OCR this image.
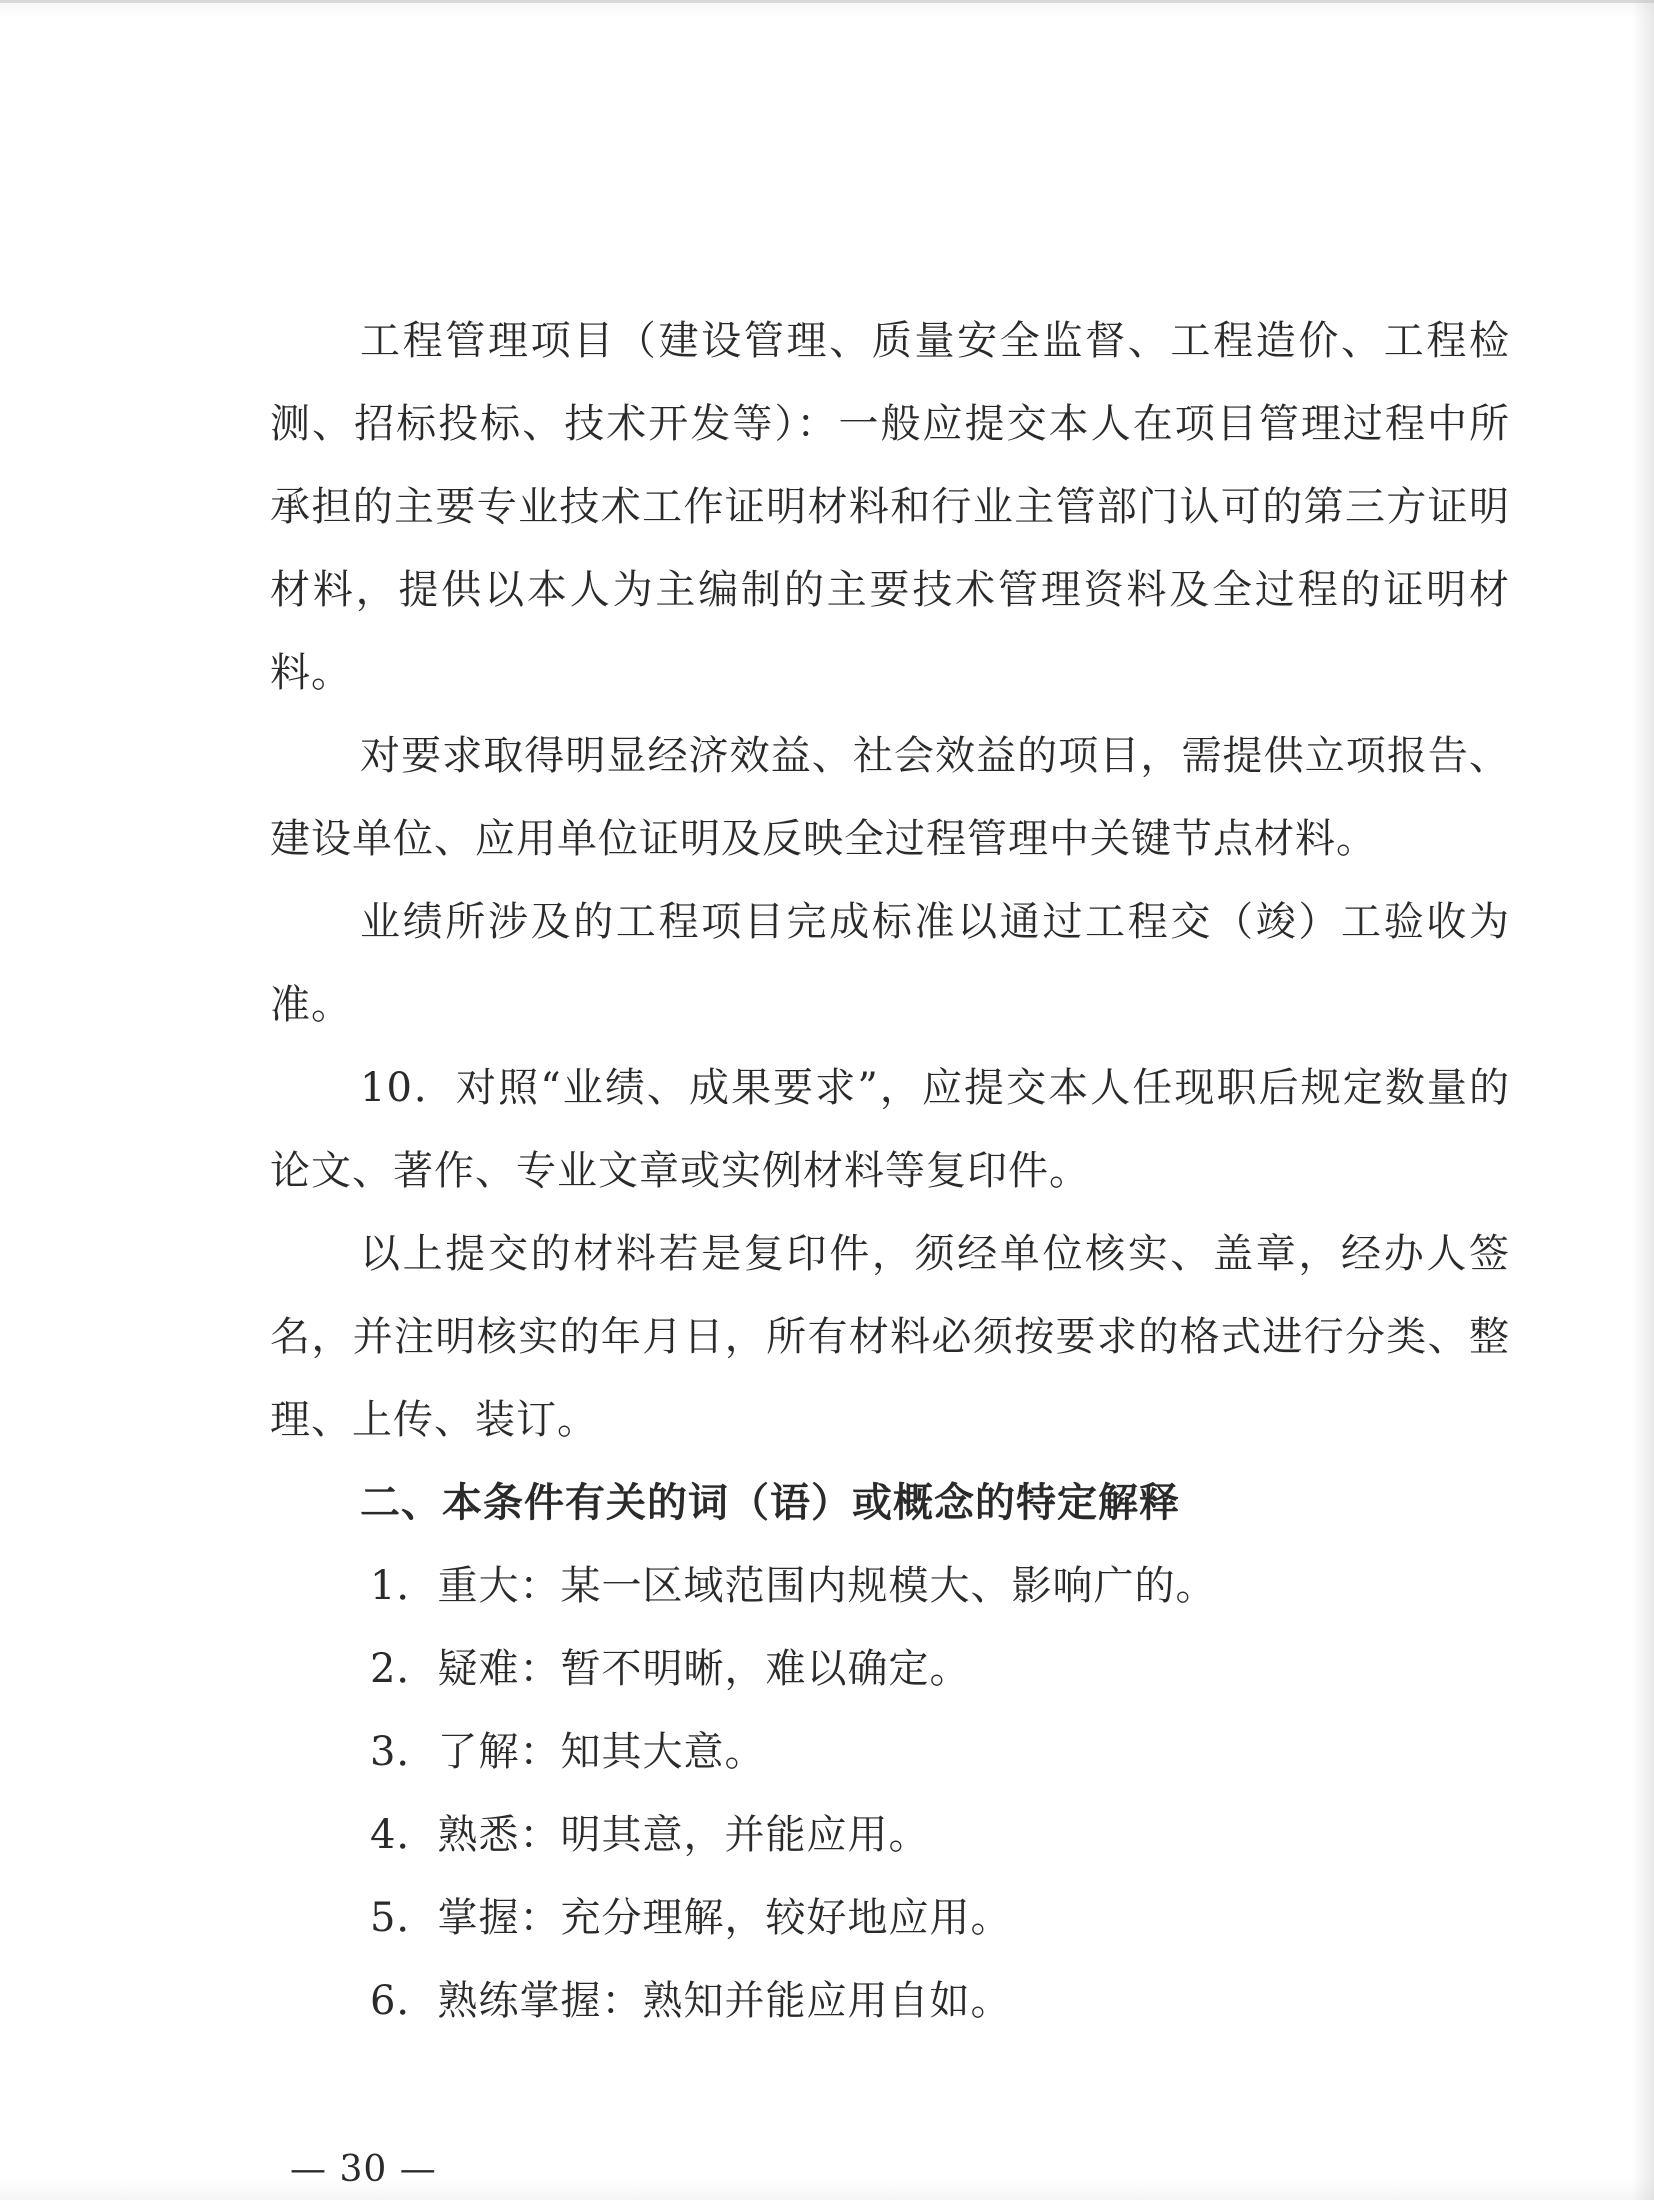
工程管理项目（建设管理、质量安全监督、工程造价、工程检测、招标投标、技术开发等）：一般应提交本人在项目管理过程中所承担的主要专业技术工作证明材料和行业主管部门认可的第三方证明材料，提供以本人为主编制的主要技术管理资料及全过程的证明材料。

对要求取得明显经济效益、社会效益的项目，需提供立项报告、建设单位、应用单位证明及反映全过程管理中关键节点材料。

业绩所涉及的工程项目完成标准以通过工程交（竣）工验收为准。

10．对照“业绩、成果要求”，应提交本人任现职后规定数量的论文、著作、专业文章或实例材料等复印件。

以上提交的材料若是复印件，须经单位核实、盖章，经办人签名，并注明核实的年月日，所有材料必须按要求的格式进行分类、整理、上传、装订。

二、本条件有关的词（语）或概念的特定解释

1．重大：某一区域范围内规模大、影响广的。

2．疑难：暂不明晰，难以确定。

3．了解：知其大意。

4．熟悉：明其意，并能应用。

5．掌握：充分理解，较好地应用。

6．熟练掌握：熟知并能应用自如。

— 30 —
